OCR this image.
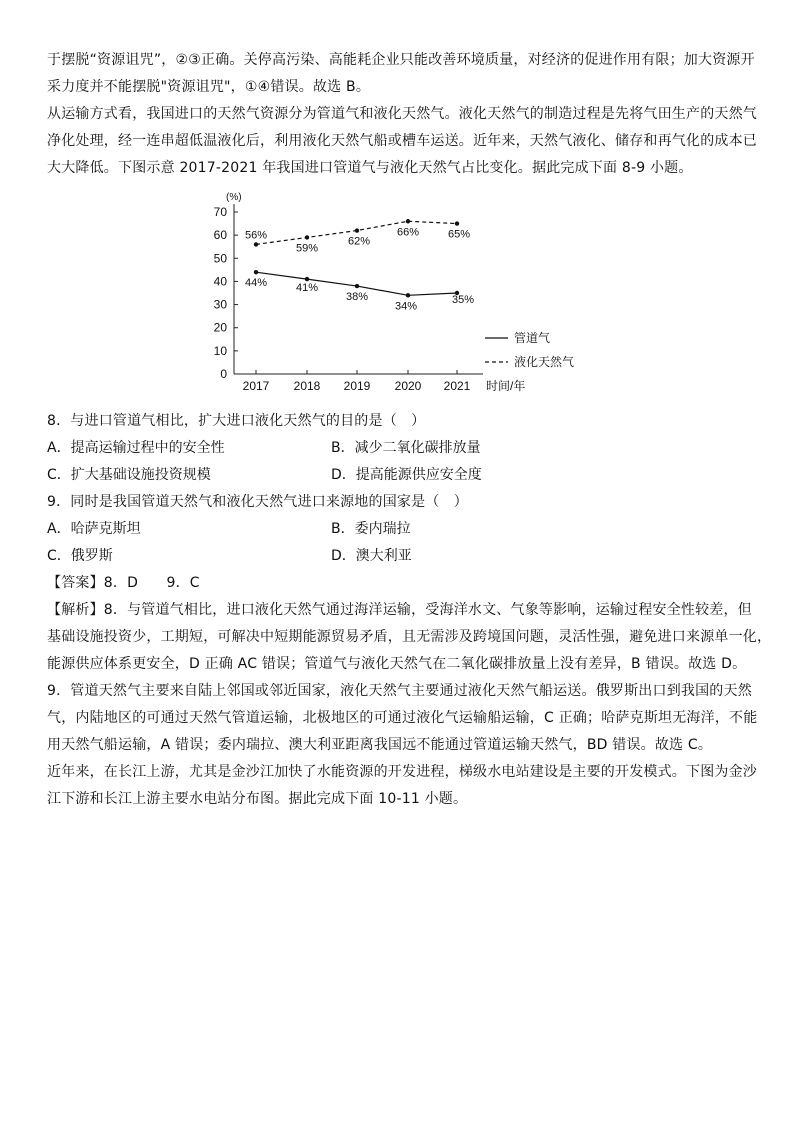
于摆脱“资源诅咒”，②③正确。关停高污染、高能耗企业只能改善环境质量，对经济的促进作用有限；加大资源开
采力度并不能摆脱"资源诅咒"，①④错误。故选 B。
从运输方式看，我国进口的天然气资源分为管道气和液化天然气。液化天然气的制造过程是先将气田生产的天然气
净化处理，经一连串超低温液化后，利用液化天然气船或槽车运送。近年来，天然气液化、储存和再气化的成本已
大大降低。下图示意 2017-2021 年我国进口管道气与液化天然气占比变化。据此完成下面 8-9 小题。
(%)
0
10
20
30
40
50
60
70
2017 2018 2019 2020 2021 时间/年
44%	41%
38%
34%
35%
56%
59%
62%
66%	65%
管道气
液化天然气
8．与进口管道气相比，扩大进口液化天然气的目的是（　）
A．提高运输过程中的安全性	B．减少二氧化碳排放量
C．扩大基础设施投资规模	D．提高能源供应安全度
9．同时是我国管道天然气和液化天然气进口来源地的国家是（　）
A．哈萨克斯坦	B．委内瑞拉
C．俄罗斯	D．澳大利亚
【答案】8．D　　9．C
【解析】8．与管道气相比，进口液化天然气通过海洋运输，受海洋水文、气象等影响，运输过程安全性较差，但
基础设施投资少，工期短，可解决中短期能源贸易矛盾，且无需涉及跨境国问题，灵活性强，避免进口来源单一化，
能源供应体系更安全，D 正确 AC 错误；管道气与液化天然气在二氧化碳排放量上没有差异，B 错误。故选 D。
9．管道天然气主要来自陆上邻国或邻近国家，液化天然气主要通过液化天然气船运送。俄罗斯出口到我国的天然
气，内陆地区的可通过天然气管道运输，北极地区的可通过液化气运输船运输，C 正确；哈萨克斯坦无海洋，不能
用天然气船运输，A 错误；委内瑞拉、澳大利亚距离我国远不能通过管道运输天然气，BD 错误。故选 C。
近年来，在长江上游，尤其是金沙江加快了水能资源的开发进程，梯级水电站建设是主要的开发模式。下图为金沙
江下游和长江上游主要水电站分布图。据此完成下面 10-11 小题。
